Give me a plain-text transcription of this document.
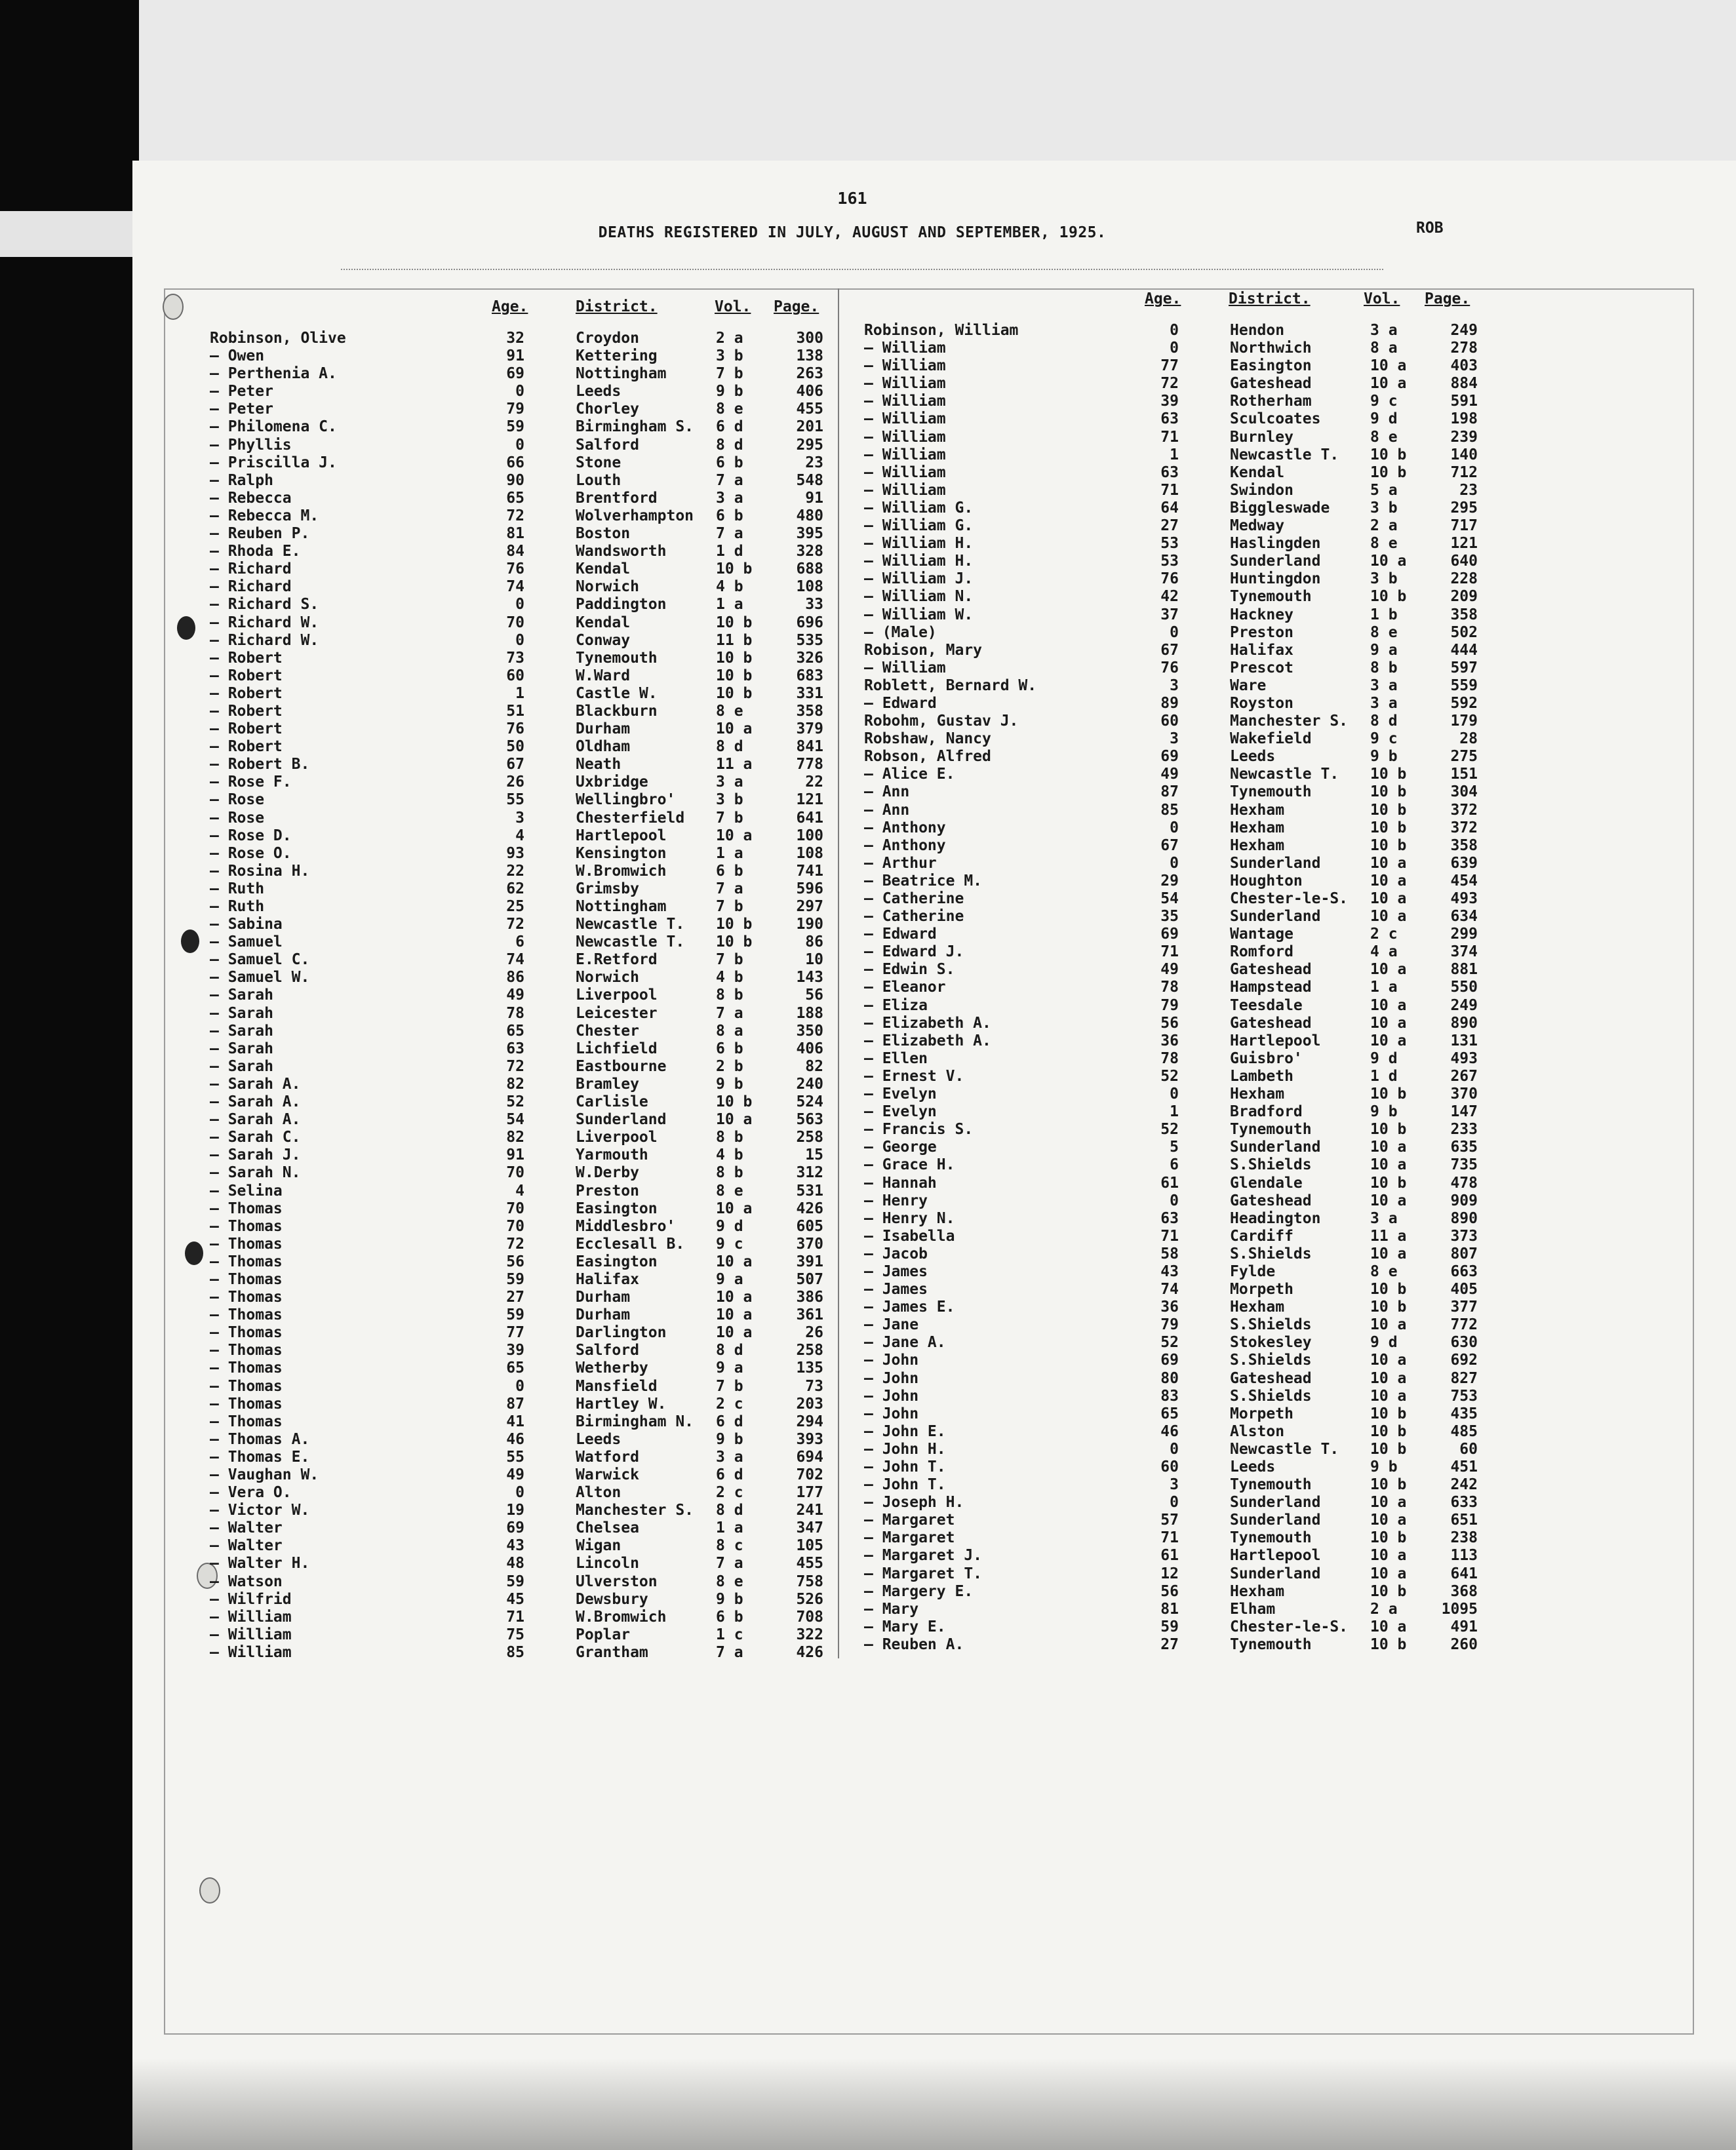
161
DEATHS REGISTERED IN JULY, AUGUST AND SEPTEMBER, 1925.	ROB
Age.	District.	Vol. Page.
Robinson, Olive	32	Croydon	2 a	300
— Owen	91	Kettering	3 b	138
— Perthenia A.	69	Nottingham	7 b	263
— Peter	0	Leeds	9 b	406
— Peter	79	Chorley	8 e	455
— Philomena C.	59	Birmingham S.	6 d	201
— Phyllis	0	Salford	8 d	295
— Priscilla J.	66	Stone	6 b	23
— Ralph	90	Louth	7 a	548
— Rebecca	65	Brentford	3 a	91
— Rebecca M.	72	Wolverhampton	6 b	480
— Reuben P.	81	Boston	7 a	395
— Rhoda E.	84	Wandsworth	1 d	328
— Richard	76	Kendal	10 b	688
— Richard	74	Norwich	4 b	108
— Richard S.	0	Paddington	1 a	33
— Richard W.	70	Kendal	10 b	696
— Richard W.	0	Conway	11 b	535
— Robert	73	Tynemouth	10 b	326
— Robert	60	W.Ward	10 b	683
— Robert	1	Castle W.	10 b	331
— Robert	51	Blackburn	8 e	358
— Robert	76	Durham	10 a	379
— Robert	50	Oldham	8 d	841
— Robert B.	67	Neath	11 a	778
— Rose F.	26	Uxbridge	3 a	22
— Rose	55	Wellingbro'	3 b	121
— Rose	3	Chesterfield	7 b	641
— Rose D.	4	Hartlepool	10 a	100
— Rose O.	93	Kensington	1 a	108
— Rosina H.	22	W.Bromwich	6 b	741
— Ruth	62	Grimsby	7 a	596
— Ruth	25	Nottingham	7 b	297
— Sabina	72	Newcastle T.	10 b	190
— Samuel	6	Newcastle T.	10 b	86
— Samuel C.	74	E.Retford	7 b	10
— Samuel W.	86	Norwich	4 b	143
— Sarah	49	Liverpool	8 b	56
— Sarah	78	Leicester	7 a	188
— Sarah	65	Chester	8 a	350
— Sarah	63	Lichfield	6 b	406
— Sarah	72	Eastbourne	2 b	82
— Sarah A.	82	Bramley	9 b	240
— Sarah A.	52	Carlisle	10 b	524
— Sarah A.	54	Sunderland	10 a	563
— Sarah C.	82	Liverpool	8 b	258
— Sarah J.	91	Yarmouth	4 b	15
— Sarah N.	70	W.Derby	8 b	312
— Selina	4	Preston	8 e	531
— Thomas	70	Easington	10 a	426
— Thomas	70	Middlesbro'	9 d	605
— Thomas	72	Ecclesall B.	9 c	370
— Thomas	56	Easington	10 a	391
— Thomas	59	Halifax	9 a	507
— Thomas	27	Durham	10 a	386
— Thomas	59	Durham	10 a	361
— Thomas	77	Darlington	10 a	26
— Thomas	39	Salford	8 d	258
— Thomas	65	Wetherby	9 a	135
— Thomas	0	Mansfield	7 b	73
— Thomas	87	Hartley W.	2 c	203
— Thomas	41	Birmingham N.	6 d	294
— Thomas A.	46	Leeds	9 b	393
— Thomas E.	55	Watford	3 a	694
— Vaughan W.	49	Warwick	6 d	702
— Vera O.	0	Alton	2 c	177
— Victor W.	19	Manchester S.	8 d	241
— Walter	69	Chelsea	1 a	347
— Walter	43	Wigan	8 c	105
— Walter H.	48	Lincoln	7 a	455
— Watson	59	Ulverston	8 e	758
— Wilfrid	45	Dewsbury	9 b	526
— William	71	W.Bromwich	6 b	708
— William	75	Poplar	1 c	322
— William	85	Grantham	7 a	426
Age.	District.	Vol. Page.
Robinson, William	0	Hendon	3 a	249
— William	0	Northwich	8 a	278
— William	77	Easington	10 a	403
— William	72	Gateshead	10 a	884
— William	39	Rotherham	9 c	591
— William	63	Sculcoates	9 d	198
— William	71	Burnley	8 e	239
— William	1	Newcastle T.	10 b	140
— William	63	Kendal	10 b	712
— William	71	Swindon	5 a	23
— William G.	64	Biggleswade	3 b	295
— William G.	27	Medway	2 a	717
— William H.	53	Haslingden	8 e	121
— William H.	53	Sunderland	10 a	640
— William J.	76	Huntingdon	3 b	228
— William N.	42	Tynemouth	10 b	209
— William W.	37	Hackney	1 b	358
— (Male)	0	Preston	8 e	502
Robison, Mary	67	Halifax	9 a	444
— William	76	Prescot	8 b	597
Roblett, Bernard W.	3	Ware	3 a	559
— Edward	89	Royston	3 a	592
Robohm, Gustav J.	60	Manchester S.	8 d	179
Robshaw, Nancy	3	Wakefield	9 c	28
Robson, Alfred	69	Leeds	9 b	275
— Alice E.	49	Newcastle T.	10 b	151
— Ann	87	Tynemouth	10 b	304
— Ann	85	Hexham	10 b	372
— Anthony	0	Hexham	10 b	372
— Anthony	67	Hexham	10 b	358
— Arthur	0	Sunderland	10 a	639
— Beatrice M.	29	Houghton	10 a	454
— Catherine	54	Chester-le-S.	10 a	493
— Catherine	35	Sunderland	10 a	634
— Edward	69	Wantage	2 c	299
— Edward J.	71	Romford	4 a	374
— Edwin S.	49	Gateshead	10 a	881
— Eleanor	78	Hampstead	1 a	550
— Eliza	79	Teesdale	10 a	249
— Elizabeth A.	56	Gateshead	10 a	890
— Elizabeth A.	36	Hartlepool	10 a	131
— Ellen	78	Guisbro'	9 d	493
— Ernest V.	52	Lambeth	1 d	267
— Evelyn	0	Hexham	10 b	370
— Evelyn	1	Bradford	9 b	147
— Francis S.	52	Tynemouth	10 b	233
— George	5	Sunderland	10 a	635
— Grace H.	6	S.Shields	10 a	735
— Hannah	61	Glendale	10 b	478
— Henry	0	Gateshead	10 a	909
— Henry N.	63	Headington	3 a	890
— Isabella	71	Cardiff	11 a	373
— Jacob	58	S.Shields	10 a	807
— James	43	Fylde	8 e	663
— James	74	Morpeth	10 b	405
— James E.	36	Hexham	10 b	377
— Jane	79	S.Shields	10 a	772
— Jane A.	52	Stokesley	9 d	630
— John	69	S.Shields	10 a	692
— John	80	Gateshead	10 a	827
— John	83	S.Shields	10 a	753
— John	65	Morpeth	10 b	435
— John E.	46	Alston	10 b	485
— John H.	0	Newcastle T.	10 b	60
— John T.	60	Leeds	9 b	451
— John T.	3	Tynemouth	10 b	242
— Joseph H.	0	Sunderland	10 a	633
— Margaret	57	Sunderland	10 a	651
— Margaret	71	Tynemouth	10 b	238
— Margaret J.	61	Hartlepool	10 a	113
— Margaret T.	12	Sunderland	10 a	641
— Margery E.	56	Hexham	10 b	368
— Mary	81	Elham	2 a	1095
— Mary E.	59	Chester-le-S.	10 a	491
— Reuben A.	27	Tynemouth	10 b	260
